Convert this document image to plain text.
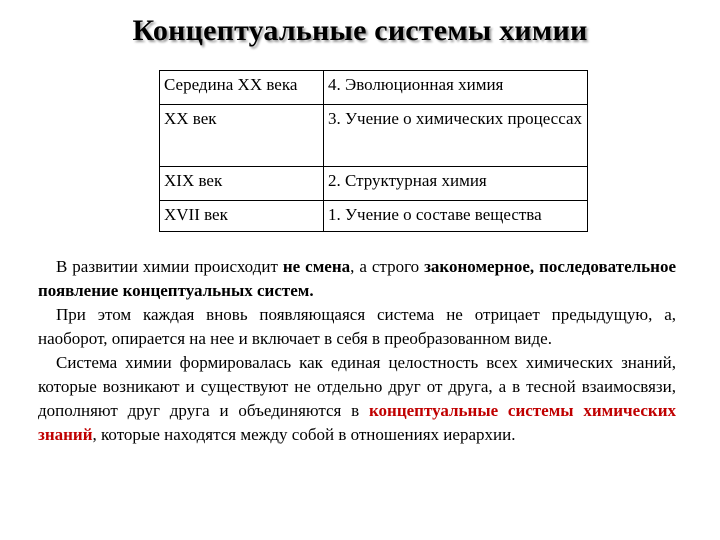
Концептуальные системы химии
Середина XX века	4. Эволюционная химия
XX век	3. Учение о химических процессах
XIX век	2. Структурная химия
XVII век	1. Учение о составе вещества

В развитии химии происходит не смена, а строго закономерное, последовательное появление концептуальных систем.

При этом каждая вновь появляющаяся система не отрицает предыдущую, а, наоборот, опирается на нее и включает в себя в преобразованном виде.

Система химии формировалась как единая целостность всех химических знаний, которые возникают и существуют не отдельно друг от друга, а в тесной взаимосвязи, дополняют друг друга и объединяются в концептуальные системы химических знаний, которые находятся между собой в отношениях иерархии.
